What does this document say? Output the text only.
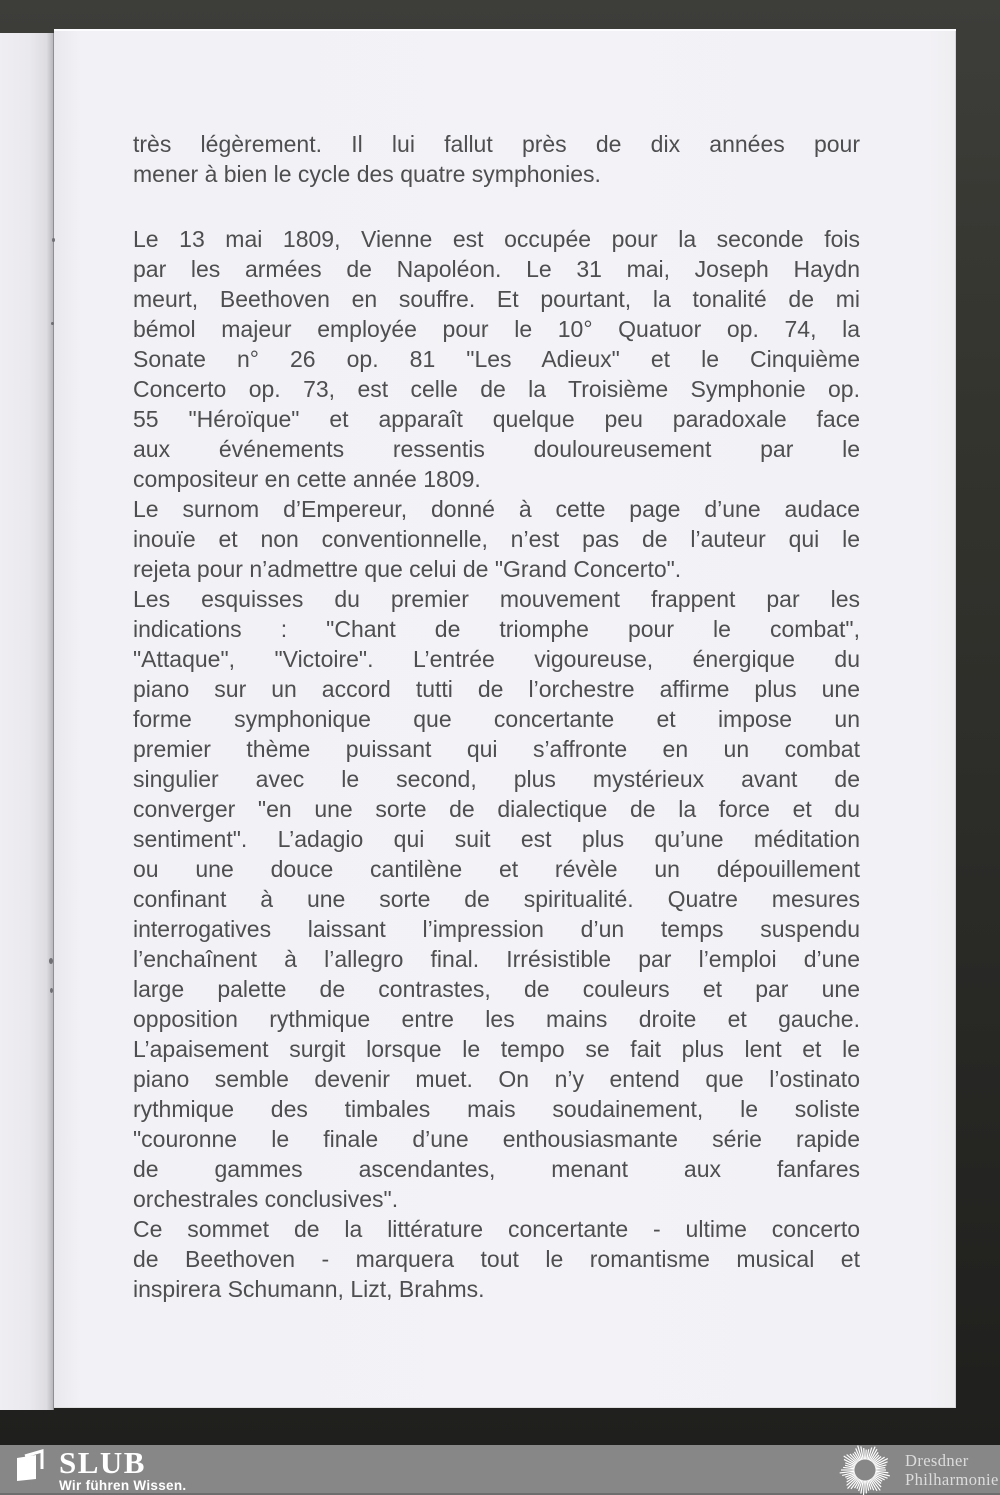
très légèrement. Il lui fallut près de dix années pour
mener à bien le cycle des quatre symphonies.
Le 13 mai 1809, Vienne est occupée pour la seconde fois
par les armées de Napoléon. Le 31 mai, Joseph Haydn
meurt, Beethoven en souffre. Et pourtant, la tonalité de mi
bémol majeur employée pour le 10° Quatuor op. 74, la
Sonate n° 26 op. 81 "Les Adieux" et le Cinquième
Concerto op. 73, est celle de la Troisième Symphonie op.
55 "Héroïque" et apparaît quelque peu paradoxale face
aux événements ressentis douloureusement par le
compositeur en cette année 1809.
Le surnom d’Empereur, donné à cette page d’une audace
inouïe et non conventionnelle, n’est pas de l’auteur qui le
rejeta pour n’admettre que celui de "Grand Concerto".
Les esquisses du premier mouvement frappent par les
indications : "Chant de triomphe pour le combat",
"Attaque", "Victoire". L’entrée vigoureuse, énergique du
piano sur un accord tutti de l’orchestre affirme plus une
forme symphonique que concertante et impose un
premier thème puissant qui s’affronte en un combat
singulier avec le second, plus mystérieux avant de
converger "en une sorte de dialectique de la force et du
sentiment". L’adagio qui suit est plus qu’une méditation
ou une douce cantilène et révèle un dépouillement
confinant à une sorte de spiritualité. Quatre mesures
interrogatives laissant l’impression d’un temps suspendu
l’enchaînent à l’allegro final. Irrésistible par l’emploi d’une
large palette de contrastes, de couleurs et par une
opposition rythmique entre les mains droite et gauche.
L’apaisement surgit lorsque le tempo se fait plus lent et le
piano semble devenir muet. On n’y entend que l’ostinato
rythmique des timbales mais soudainement, le soliste
"couronne le finale d’une enthousiasmante série rapide
de gammes ascendantes, menant aux fanfares
orchestrales conclusives".
Ce sommet de la littérature concertante - ultime concerto
de Beethoven - marquera tout le romantisme musical et
inspirera Schumann, Lizt, Brahms.
SLUB
Wir führen Wissen.
Dresdner
Philharmonie
